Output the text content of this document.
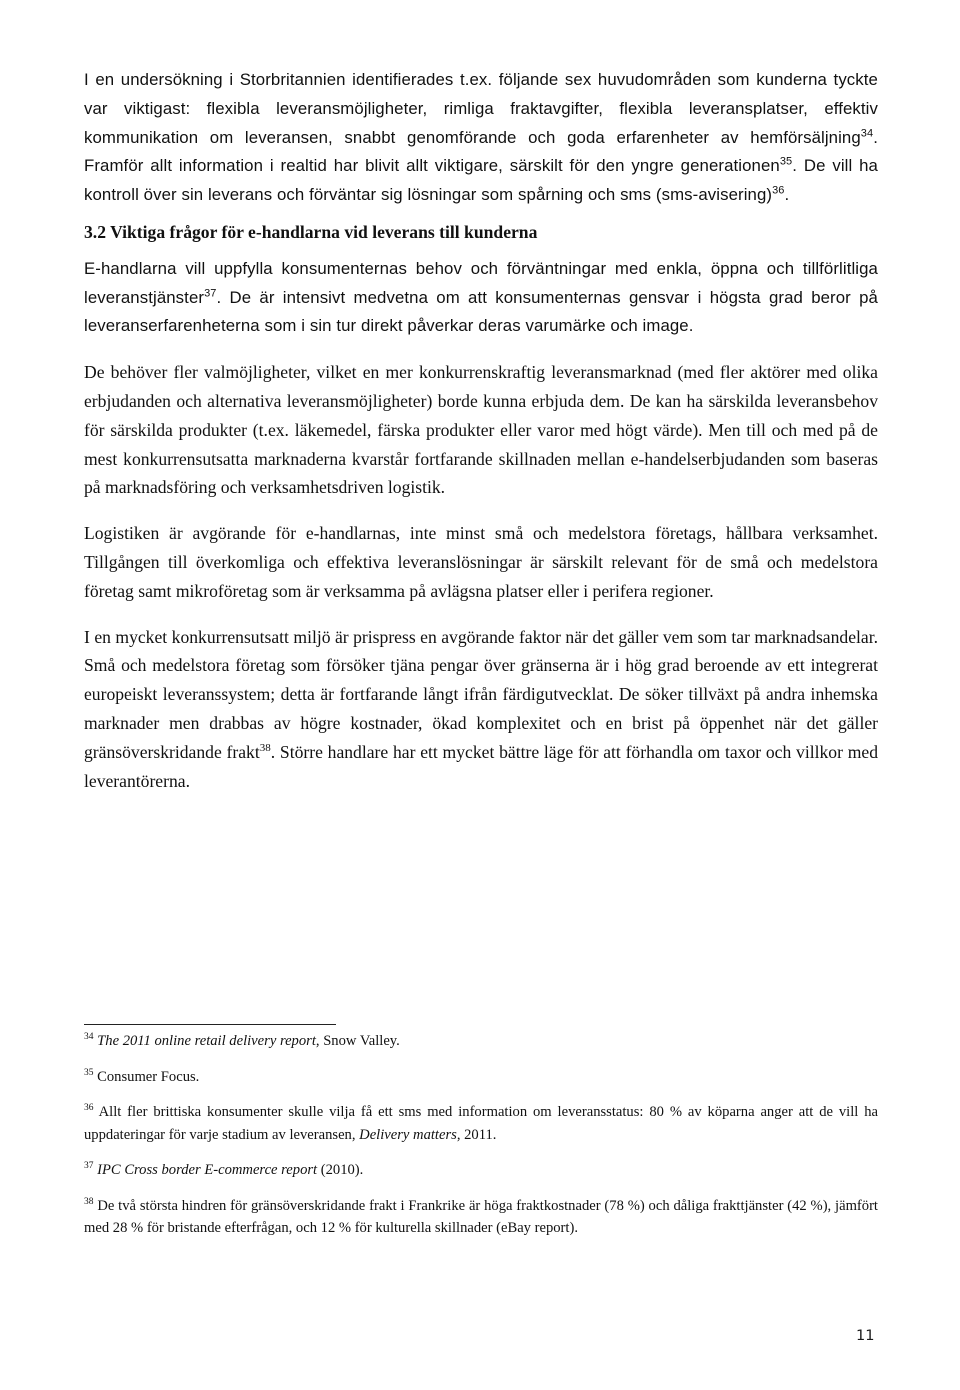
I en undersökning i Storbritannien identifierades t.ex. följande sex huvudområden som kunderna tyckte var viktigast: flexibla leveransmöjligheter, rimliga fraktavgifter, flexibla leveransplatser, effektiv kommunikation om leveransen, snabbt genomförande och goda erfarenheter av hemförsäljning$^{34}$. Framför allt information i realtid har blivit allt viktigare, särskilt för den yngre generationen$^{35}$. De vill ha kontroll över sin leverans och förväntar sig lösningar som spårning och sms (sms-avisering)$^{36}$.

3.2 Viktiga frågor för e-handlarna vid leverans till kunderna

E-handlarna vill uppfylla konsumenternas behov och förväntningar med enkla, öppna och tillförlitliga leveranstjänster$^{37}$. De är intensivt medvetna om att konsumenternas gensvar i högsta grad beror på leveranserfarenheterna som i sin tur direkt påverkar deras varumärke och image.

De behöver fler valmöjligheter, vilket en mer konkurrenskraftig leveransmarknad (med fler aktörer med olika erbjudanden och alternativa leveransmöjligheter) borde kunna erbjuda dem. De kan ha särskilda leveransbehov för särskilda produkter (t.ex. läkemedel, färska produkter eller varor med högt värde). Men till och med på de mest konkurrensutsatta marknaderna kvarstår fortfarande skillnaden mellan e-handelserbjudanden som baseras på marknadsföring och verksamhetsdriven logistik.

Logistiken är avgörande för e-handlarnas, inte minst små och medelstora företags, hållbara verksamhet. Tillgången till överkomliga och effektiva leveranslösningar är särskilt relevant för de små och medelstora företag samt mikroföretag som är verksamma på avlägsna platser eller i perifera regioner.

I en mycket konkurrensutsatt miljö är prispress en avgörande faktor när det gäller vem som tar marknadsandelar. Små och medelstora företag som försöker tjäna pengar över gränserna är i hög grad beroende av ett integrerat europeiskt leveranssystem; detta är fortfarande långt ifrån färdigutvecklat. De söker tillväxt på andra inhemska marknader men drabbas av högre kostnader, ökad komplexitet och en brist på öppenhet när det gäller gränsöverskridande frakt$^{38}$. Större handlare har ett mycket bättre läge för att förhandla om taxor och villkor med leverantörerna.

$^{34}$ The 2011 online retail delivery report, Snow Valley.

$^{35}$ Consumer Focus.

$^{36}$ Allt fler brittiska konsumenter skulle vilja få ett sms med information om leveransstatus: 80 % av köparna anger att de vill ha uppdateringar för varje stadium av leveransen, Delivery matters, 2011.

$^{37}$ IPC Cross border E-commerce report (2010).

$^{38}$ De två största hindren för gränsöverskridande frakt i Frankrike är höga fraktkostnader (78 %) och dåliga frakttjänster (42 %), jämfört med 28 % för bristande efterfrågan, och 12 % för kulturella skillnader (eBay report).

11
